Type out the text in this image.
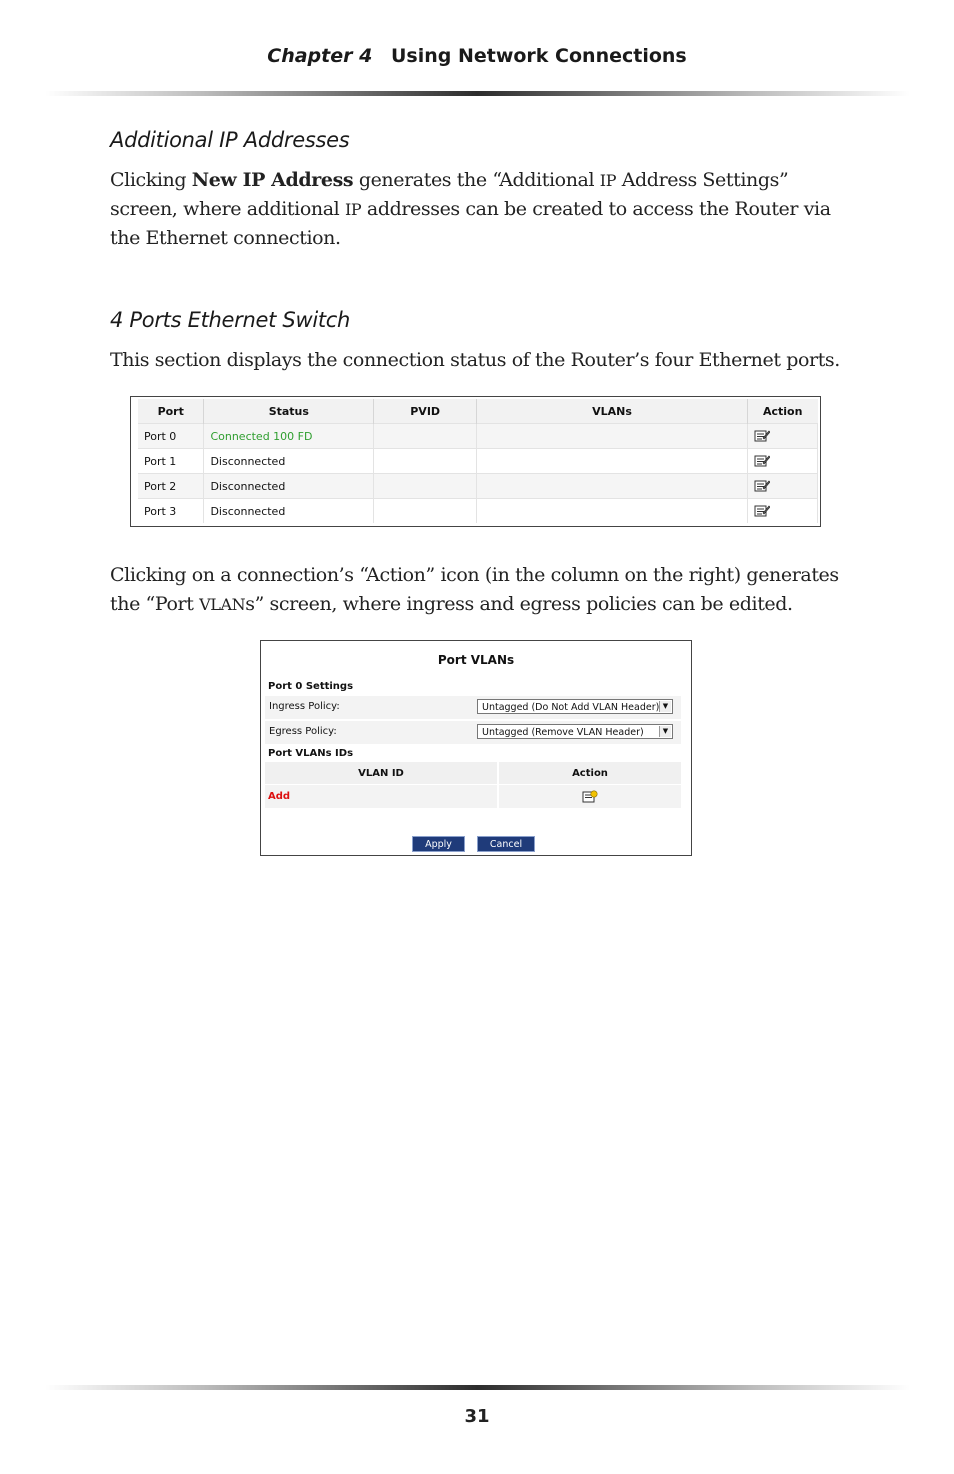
Chapter 4 Using Network Connections
Additional IP Addresses
Clicking New IP Address generates the “Additional IP Address Settings” screen, where additional IP addresses can be created to access the Router via the Ethernet connection.
4 Ports Ethernet Switch
This section displays the connection status of the Router’s four Ethernet ports.
Port	Status	PVID	VLANs	Action
Port 0	Connected 100 FD			
Port 1	Disconnected			
Port 2	Disconnected			
Port 3	Disconnected			
Clicking on a connection’s “Action” icon (in the column on the right) generates the “Port VLANs” screen, where ingress and egress policies can be edited.
Port VLANs
Port 0 Settings
Ingress Policy:	Untagged (Do Not Add VLAN Header) ▼
Egress Policy:	Untagged (Remove VLAN Header)	▼
Port VLANs IDs
VLAN ID	Action
Add	
Apply	Cancel
31
